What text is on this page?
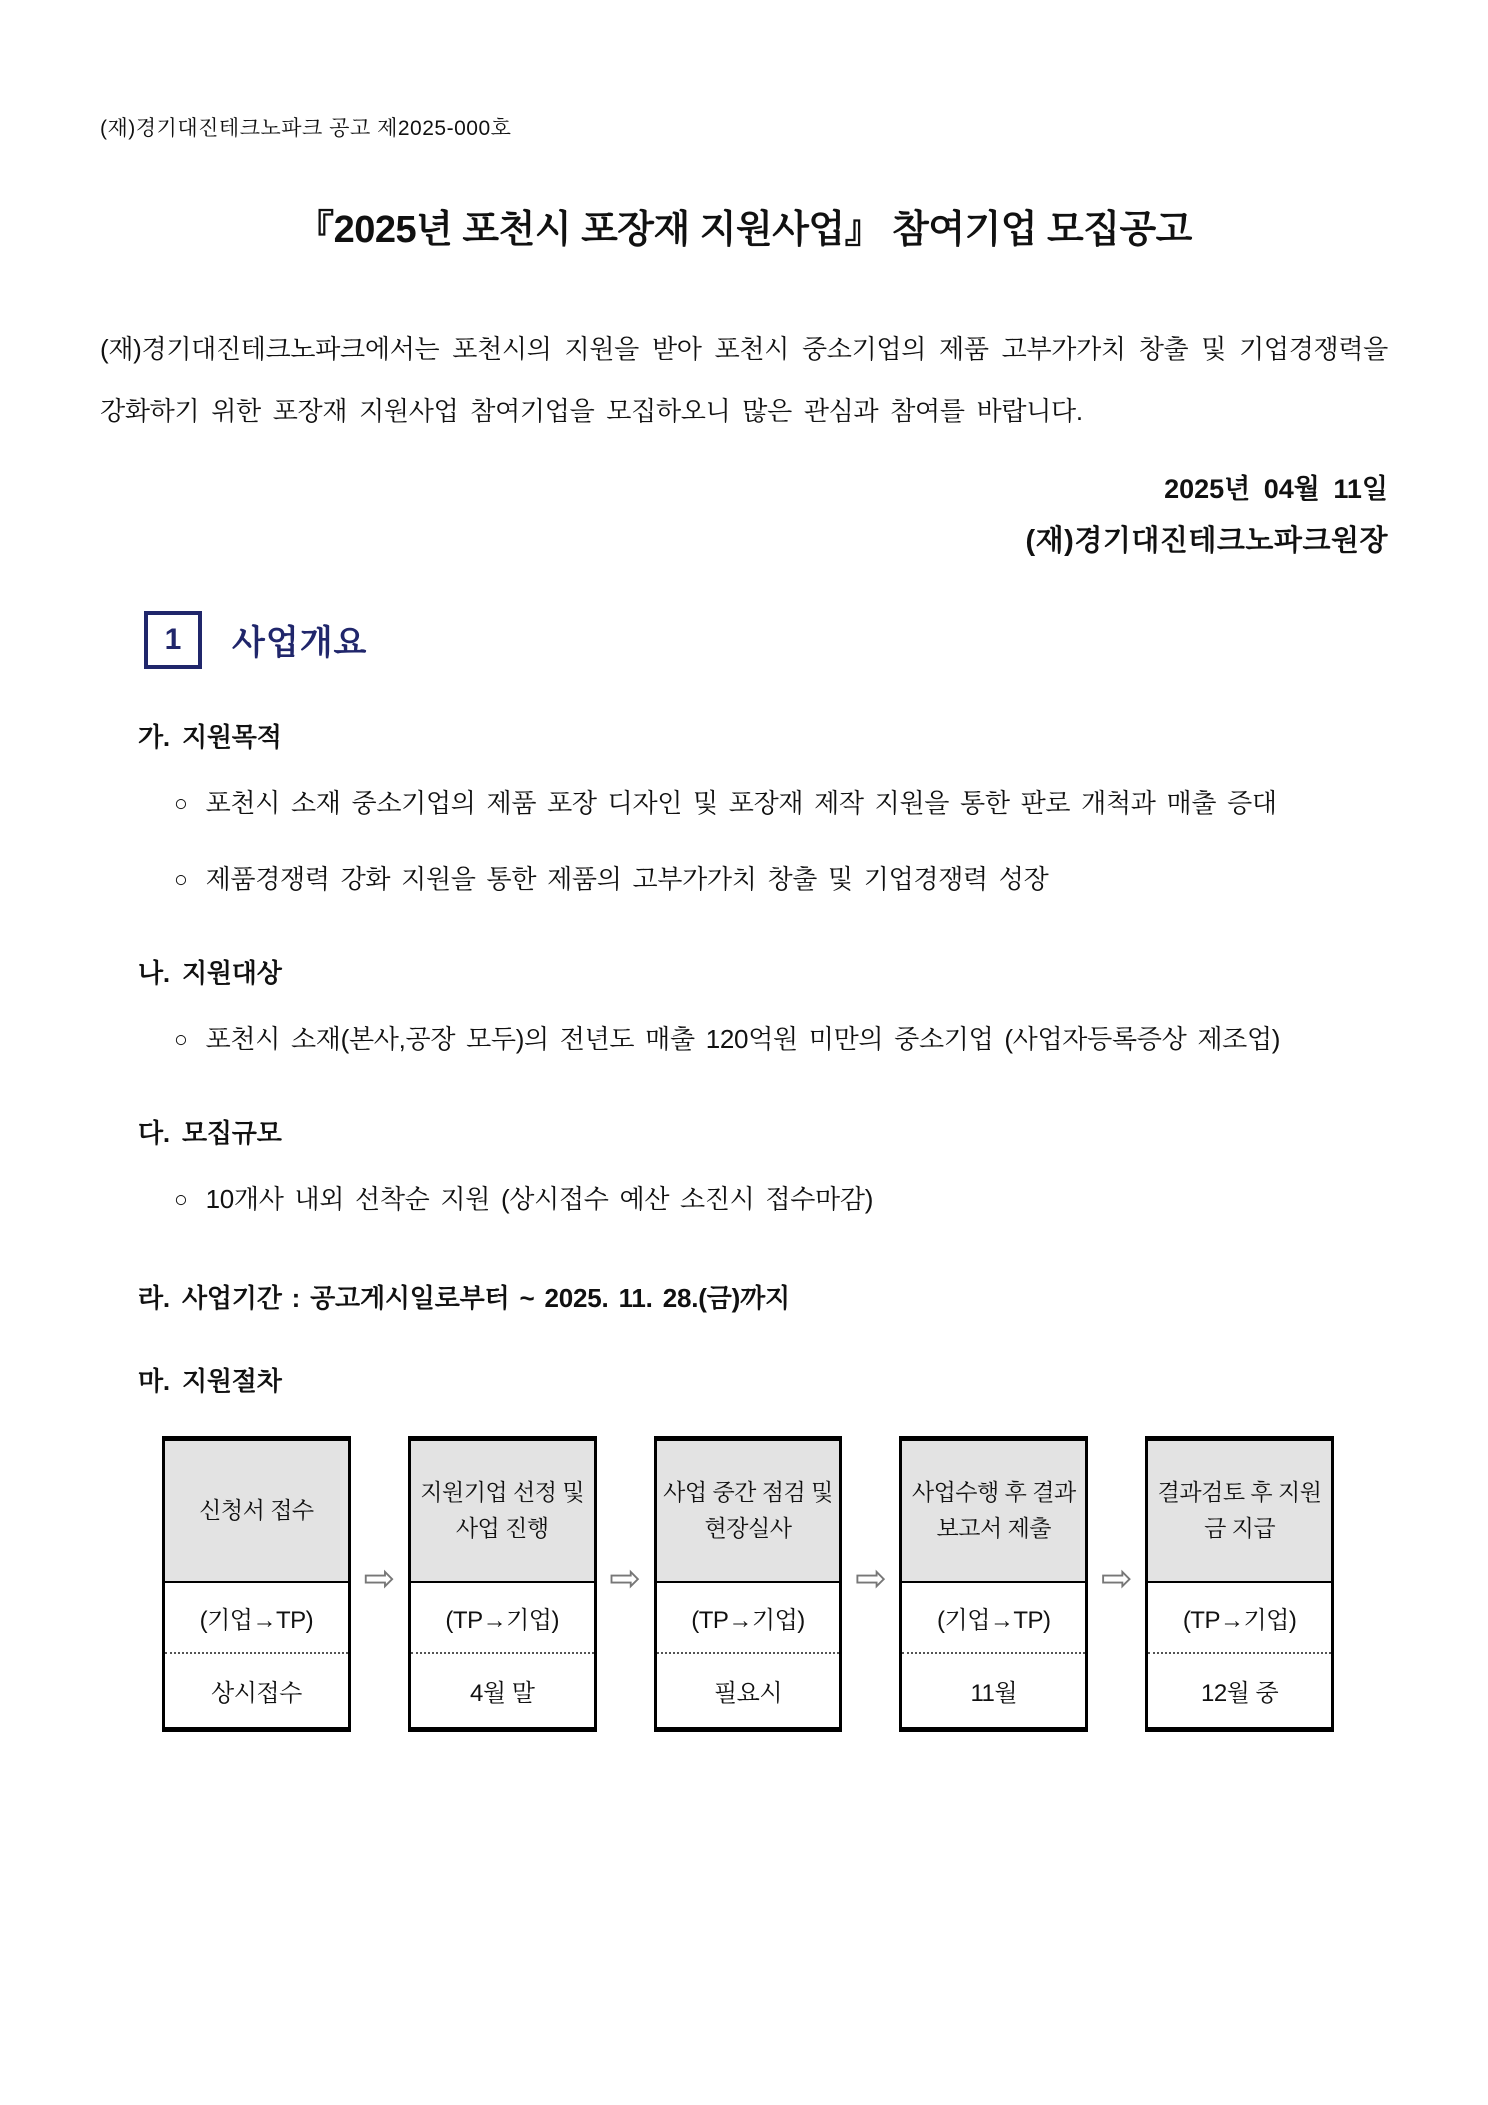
(재)경기대진테크노파크 공고 제2025-000호
『2025년 포천시 포장재 지원사업』 참여기업 모집공고

(재)경기대진테크노파크에서는 포천시의 지원을 받아 포천시 중소기업의 제품 고부가가치 창출 및 기업경쟁력을 강화하기 위한 포장재 지원사업 참여기업을 모집하오니 많은 관심과 참여를 바랍니다.

2025년 04월 11일
(재)경기대진테크노파크원장
1 사업개요
가. 지원목적
○ 포천시 소재 중소기업의 제품 포장 디자인 및 포장재 제작 지원을 통한 판로 개척과 매출 증대
○ 제품경쟁력 강화 지원을 통한 제품의 고부가가치 창출 및 기업경쟁력 성장
나. 지원대상
○ 포천시 소재(본사,공장 모두)의 전년도 매출 120억원 미만의 중소기업 (사업자등록증상 제조업)
다. 모집규모
○ 10개사 내외 선착순 지원 (상시접수 예산 소진시 접수마감)
라. 사업기간 : 공고게시일로부터 ~ 2025. 11. 28.(금)까지
마. 지원절차
신청서 접수
(기업→TP)
상시접수
⇨
지원기업 선정 및 사업 진행
(TP→기업)
4월 말
⇨
사업 중간 점검 및 현장실사
(TP→기업)
필요시
⇨
사업수행 후 결과보고서 제출
(기업→TP)
11월
⇨
결과검토 후 지원금 지급
(TP→기업)
12월 중
